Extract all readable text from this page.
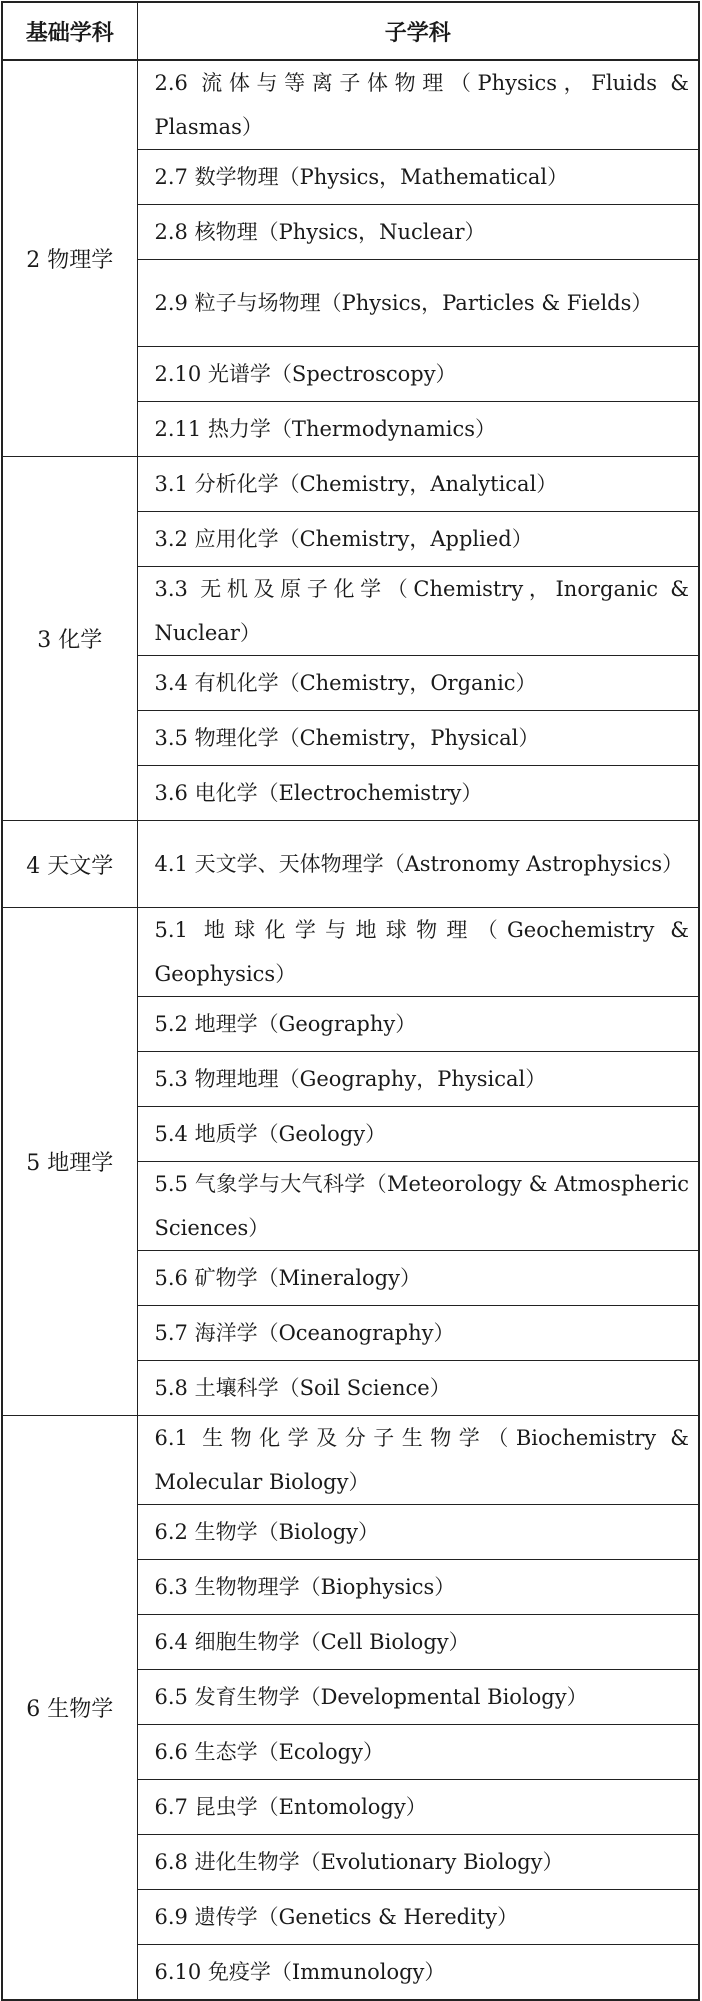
基础学科	子学科
2 物理学	2.6 流体与等离子体物理（Physics，Fluids & Plasmas）
	2.7 数学物理（Physics，Mathematical）
	2.8 核物理（Physics，Nuclear）
	2.9 粒子与场物理（Physics，Particles & Fields）
	2.10 光谱学（Spectroscopy）
	2.11 热力学（Thermodynamics）
3 化学	3.1 分析化学（Chemistry，Analytical）
	3.2 应用化学（Chemistry，Applied）
	3.3 无机及原子化学（Chemistry，Inorganic & Nuclear）
	3.4 有机化学（Chemistry，Organic）
	3.5 物理化学（Chemistry，Physical）
	3.6 电化学（Electrochemistry）
4 天文学	4.1 天文学、天体物理学（Astronomy Astrophysics）
5 地理学	5.1 地球化学与地球物理（Geochemistry & Geophysics）
	5.2 地理学（Geography）
	5.3 物理地理（Geography，Physical）
	5.4 地质学（Geology）
	5.5 气象学与大气科学（Meteorology & Atmospheric Sciences）
	5.6 矿物学（Mineralogy）
	5.7 海洋学（Oceanography）
	5.8 土壤科学（Soil Science）
6 生物学	6.1 生物化学及分子生物学（Biochemistry & Molecular Biology）
	6.2 生物学（Biology）
	6.3 生物物理学（Biophysics）
	6.4 细胞生物学（Cell Biology）
	6.5 发育生物学（Developmental Biology）
	6.6 生态学（Ecology）
	6.7 昆虫学（Entomology）
	6.8 进化生物学（Evolutionary Biology）
	6.9 遗传学（Genetics & Heredity）
	6.10 免疫学（Immunology）
